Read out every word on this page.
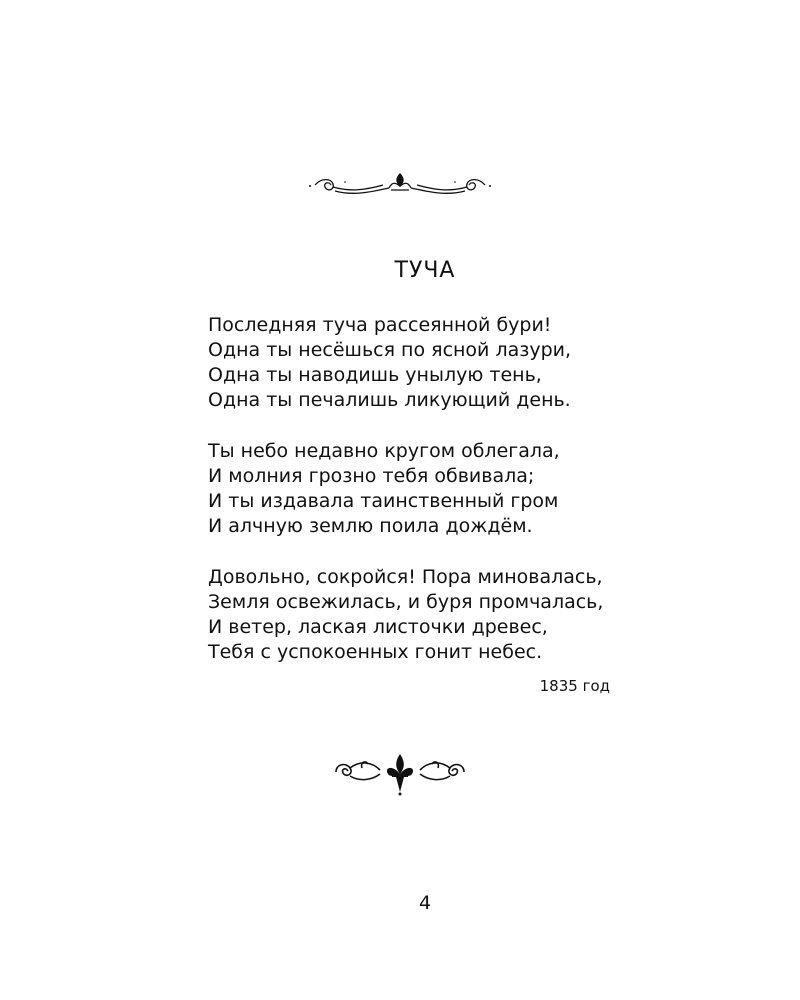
ТУЧА
Последняя туча рассеянной бури!
Одна ты несёшься по ясной лазури,
Одна ты наводишь унылую тень,
Одна ты печалишь ликующий день.
Ты небо недавно кругом облегала,
И молния грозно тебя обвивала;
И ты издавала таинственный гром
И алчную землю поила дождём.
Довольно, сокройся! Пора миновалась,
Земля освежилась, и буря промчалась,
И ветер, лаская листочки древес,
Тебя с успокоенных гонит небес.
1835 год
4
